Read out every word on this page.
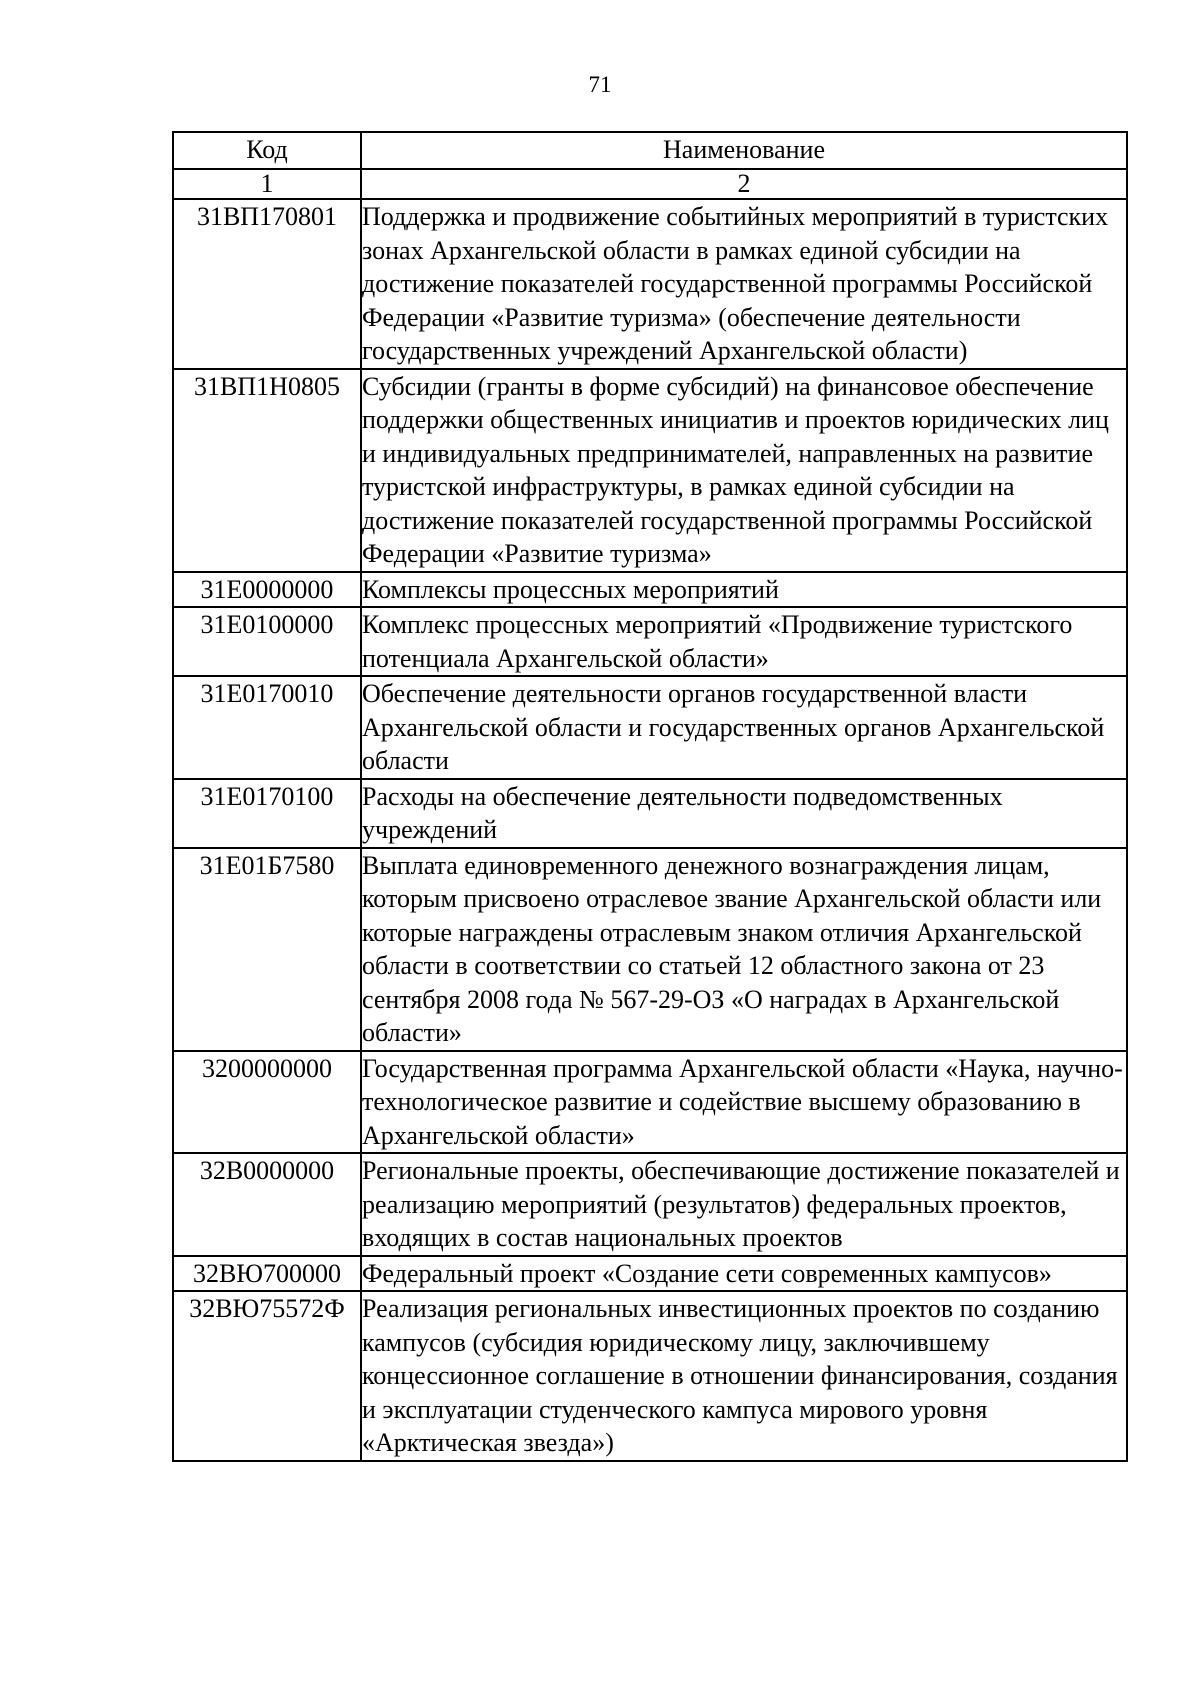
71
Код	Наименование
1	2
31ВП170801	Поддержка и продвижение событийных мероприятий в туристских зонах Архангельской области в рамках единой субсидии на достижение показателей государственной программы Российской Федерации «Развитие туризма» (обеспечение деятельности государственных учреждений Архангельской области)
31ВП1Н0805	Субсидии (гранты в форме субсидий) на финансовое обеспечение поддержки общественных инициатив и проектов юридических лиц и индивидуальных предпринимателей, направленных на развитие туристской инфраструктуры, в рамках единой субсидии на достижение показателей государственной программы Российской Федерации «Развитие туризма»
31Е0000000	Комплексы процессных мероприятий
31Е0100000	Комплекс процессных мероприятий «Продвижение туристского потенциала Архангельской области»
31Е0170010	Обеспечение деятельности органов государственной власти Архангельской области и государственных органов Архангельской области
31Е0170100	Расходы на обеспечение деятельности подведомственных учреждений
31Е01Б7580	Выплата единовременного денежного вознаграждения лицам, которым присвоено отраслевое звание Архангельской области или которые награждены отраслевым знаком отличия Архангельской области в соответствии со статьей 12 областного закона от 23 сентября 2008 года № 567-29-ОЗ «О наградах в Архангельской области»
3200000000	Государственная программа Архангельской области «Наука, научно-технологическое развитие и содействие высшему образованию в Архангельской области»
32В0000000	Региональные проекты, обеспечивающие достижение показателей и реализацию мероприятий (результатов) федеральных проектов, входящих в состав национальных проектов
32ВЮ700000	Федеральный проект «Создание сети современных кампусов»
32ВЮ75572Ф	Реализация региональных инвестиционных проектов по созданию кампусов (субсидия юридическому лицу, заключившему концессионное соглашение в отношении финансирования, создания и эксплуатации студенческого кампуса мирового уровня «Арктическая звезда»)
